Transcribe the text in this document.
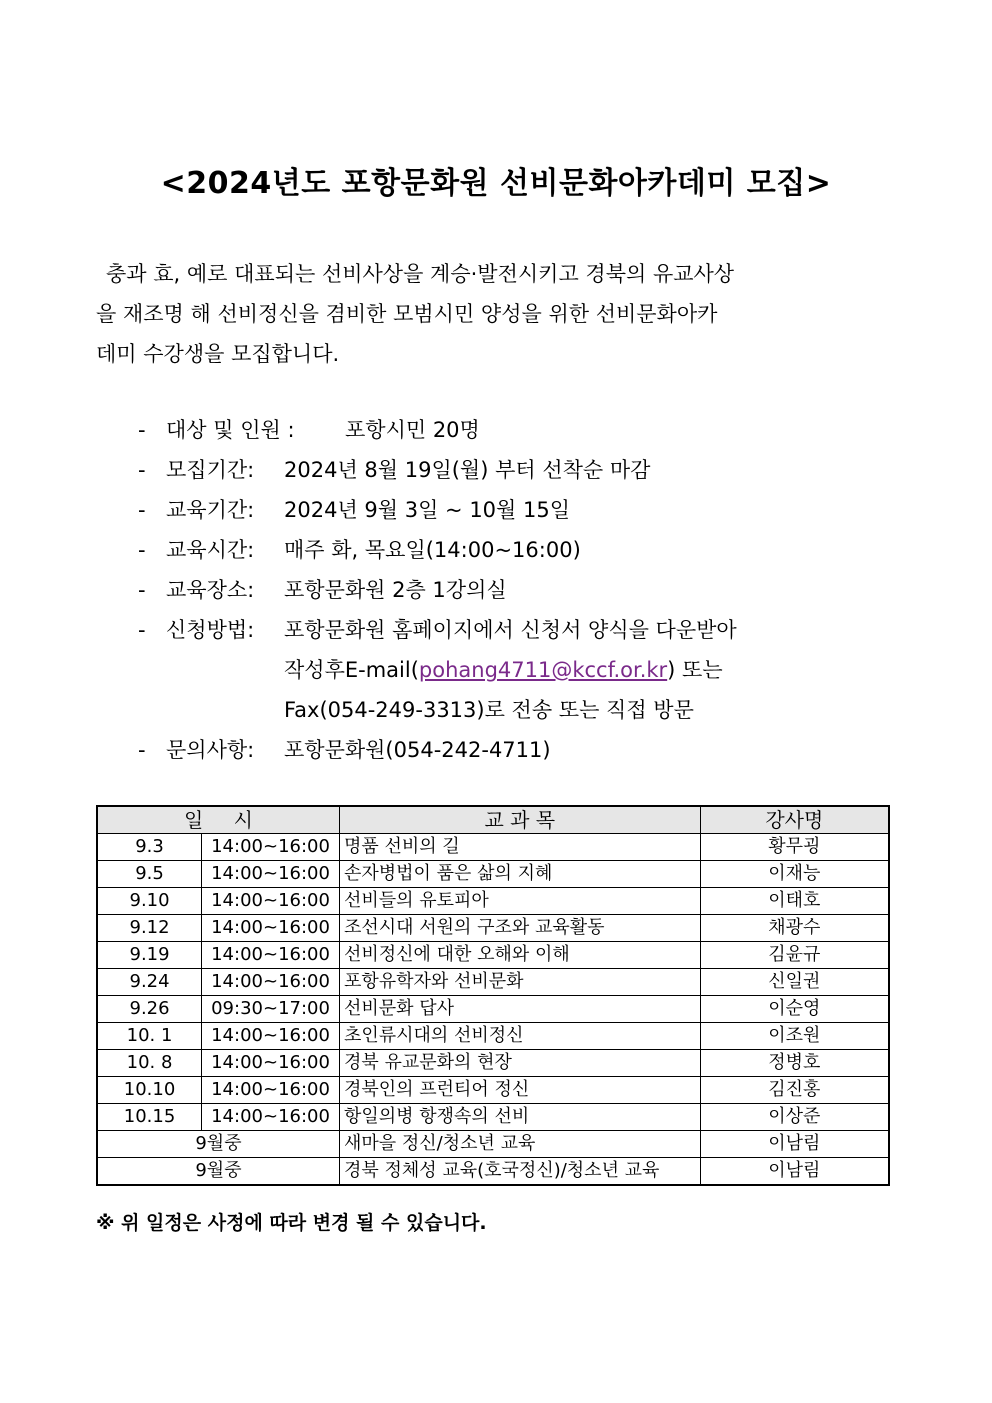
<2024년도 포항문화원 선비문화아카데미 모집>
충과 효, 예로 대표되는 선비사상을 계승·발전시키고 경북의 유교사상
을 재조명 해 선비정신을 겸비한 모범시민 양성을 위한 선비문화아카
데미 수강생을 모집합니다.
- 대상 및 인원 : 포항시민 20명
- 모집기간: 2024년 8월 19일(월) 부터 선착순 마감
- 교육기간: 2024년 9월 3일 ~ 10월 15일
- 교육시간: 매주 화, 목요일(14:00~16:00)
- 교육장소: 포항문화원 2층 1강의실
- 신청방법: 포항문화원 홈페이지에서 신청서 양식을 다운받아
작성후E-mail(pohang4711@kccf.or.kr) 또는
Fax(054-249-3313)로 전송 또는 직접 방문
- 문의사항: 포항문화원(054-242-4711)
일 시		교 과 목	강사명
9.3	14:00~16:00	명품 선비의 길	황무굉
9.5	14:00~16:00	손자병법이 품은 삶의 지혜	이재능
9.10	14:00~16:00	선비들의 유토피아	이태호
9.12	14:00~16:00	조선시대 서원의 구조와 교육활동	채광수
9.19	14:00~16:00	선비정신에 대한 오해와 이해	김윤규
9.24	14:00~16:00	포항유학자와 선비문화	신일권
9.26	09:30~17:00	선비문화 답사	이순영
10. 1	14:00~16:00	초인류시대의 선비정신	이조원
10. 8	14:00~16:00	경북 유교문화의 현장	정병호
10.10	14:00~16:00	경북인의 프런티어 정신	김진홍
10.15	14:00~16:00	항일의병 항쟁속의 선비	이상준
9월중		새마을 정신/청소년 교육	이남림
9월중		경북 정체성 교육(호국정신)/청소년 교육	이남림
※ 위 일정은 사정에 따라 변경 될 수 있습니다.
